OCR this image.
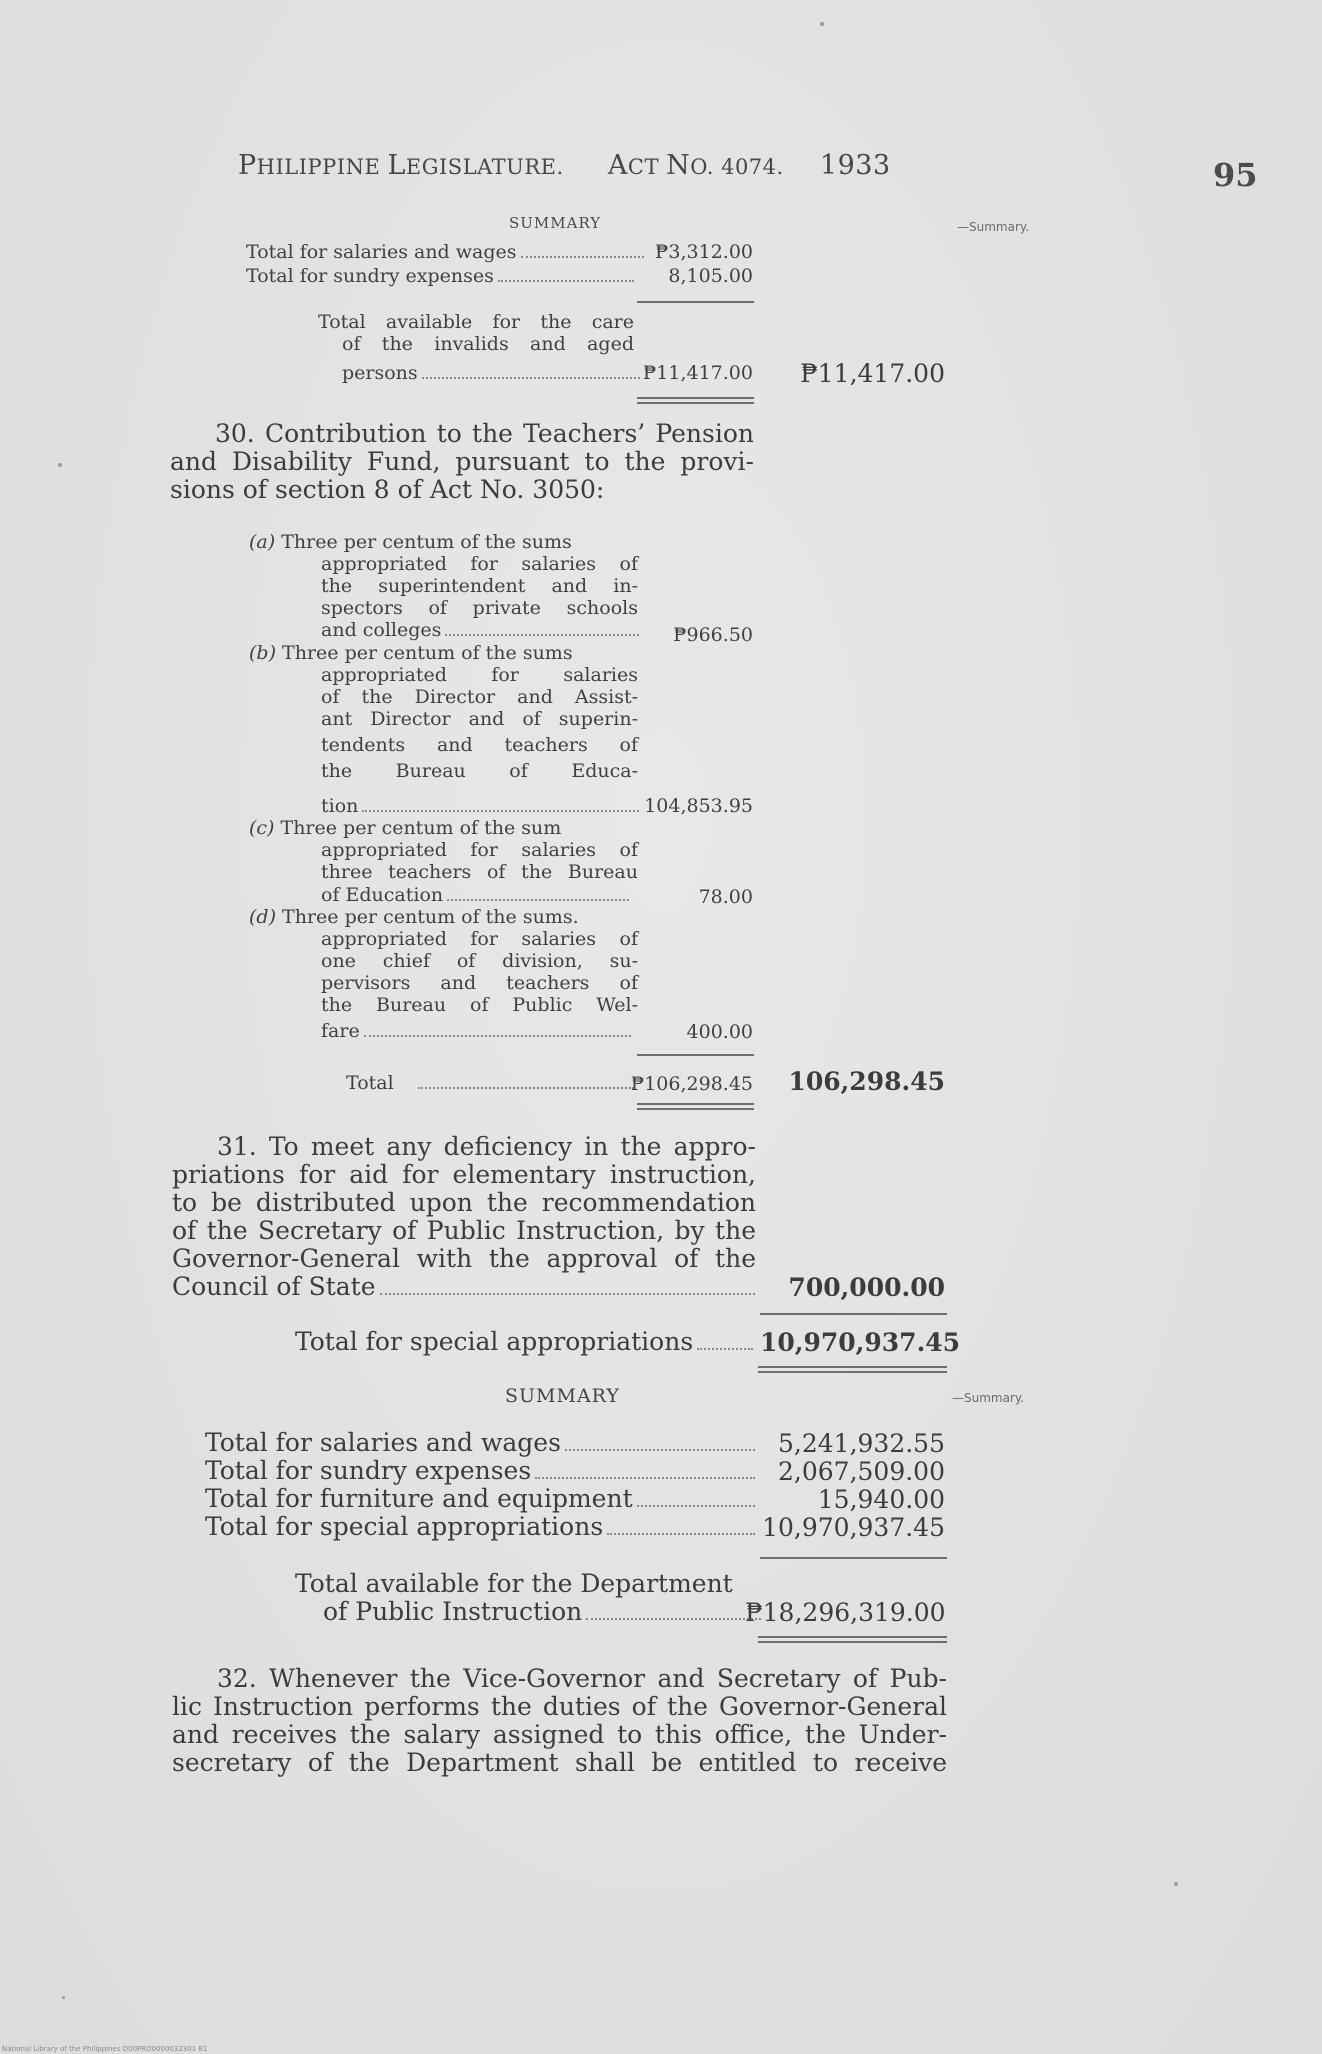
PHILIPPINE LEGISLATURE. ACT NO. 4074. 1933	95
—Summary.
—Summary.
SUMMARY
Total for salaries and wages	₱3,312.00
Total for sundry expenses	8,105.00
Total available for the care
of the invalids and aged
persons	₱11,417.00	₱11,417.00
30. Contribution to the Teachers’ Pension
and Disability Fund, pursuant to the provi-
sions of section 8 of Act No. 3050:
(a) Three per centum of the sums
appropriated for salaries of
the superintendent and in-
spectors of private schools
and colleges	₱966.50
(b) Three per centum of the sums
appropriated for salaries
of the Director and Assist-
ant Director and of superin-
tendents and teachers of
the Bureau of Educa-
tion	104,853.95
(c) Three per centum of the sum
appropriated for salaries of
three teachers of the Bureau
of Education	78.00
(d) Three per centum of the sums.
appropriated for salaries of
one chief of division, su-
pervisors and teachers of
the Bureau of Public Wel-
fare	400.00
Total	₱106,298.45	106,298.45
31. To meet any deficiency in the appro-
priations for aid for elementary instruction,
to be distributed upon the recommendation
of the Secretary of Public Instruction, by the
Governor-General with the approval of the
Council of State	700,000.00
Total for special appropriations	10,970,937.45
SUMMARY
Total for salaries and wages	5,241,932.55
Total for sundry expenses	2,067,509.00
Total for furniture and equipment	15,940.00
Total for special appropriations	10,970,937.45
Total available for the Department
of Public Instruction	₱18,296,319.00
32. Whenever the Vice-Governor and Secretary of Pub-
lic Instruction performs the duties of the Governor-General
and receives the salary assigned to this office, the Under-
secretary of the Department shall be entitled to receive
National Library of the Philippines D00PRO0000032301 81
